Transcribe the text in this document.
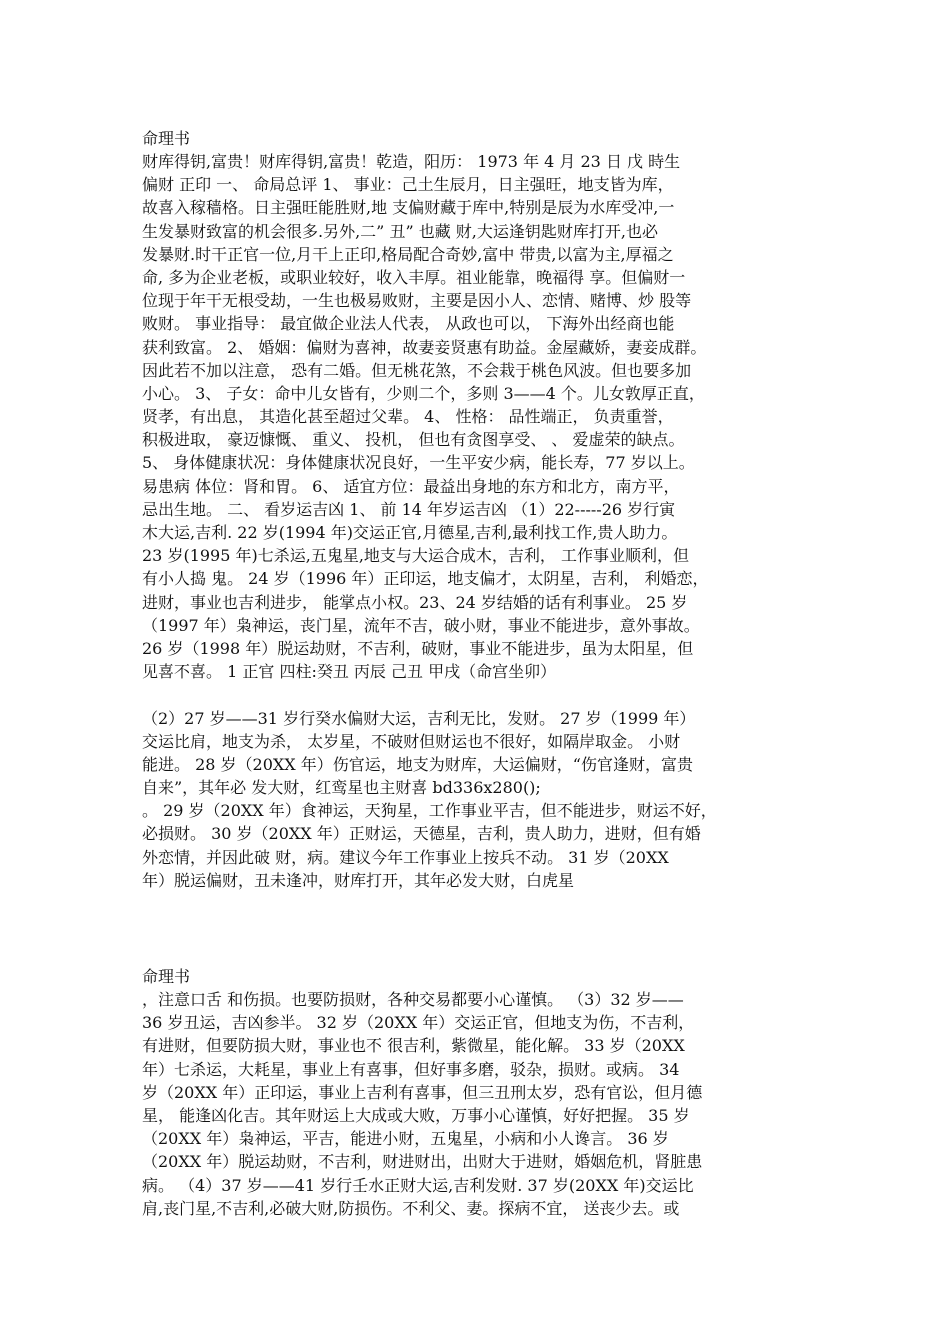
命理书
财库得钥,富贵！财库得钥,富贵！乾造，阳历： 1973 年 4 月 23 日 戊 時生
偏财 正印 一、 命局总评 1、 事业：己土生辰月，日主强旺，地支皆为库，
故喜入稼穑格。日主强旺能胜财,地 支偏财藏于库中,特别是辰为水库受冲,一
生发暴财致富的机会很多.另外,二” 丑” 也藏 财,大运逢钥匙财库打开,也必
发暴财.时干正官一位,月干上正印,格局配合奇妙,富中 带贵,以富为主,厚福之
命, 多为企业老板，或职业较好，收入丰厚。祖业能靠，晚福得 享。但偏财一
位现于年干无根受劫，一生也极易败财，主要是因小人、恋情、赌博、炒 股等
败财。 事业指导： 最宜做企业法人代表， 从政也可以， 下海外出经商也能
获利致富。 2、 婚姻：偏财为喜神，故妻妾贤惠有助益。金屋藏娇，妻妾成群。
因此若不加以注意， 恐有二婚。但无桃花煞，不会栽于桃色风波。但也要多加
小心。 3、 子女：命中儿女皆有，少则二个，多则 3——4 个。儿女敦厚正直，
贤孝，有出息， 其造化甚至超过父辈。 4、 性格： 品性端正， 负责重誉，
积极进取， 豪迈慷慨、 重义、 投机， 但也有贪图享受、 、 爱虚荣的缺点。
5、 身体健康状况：身体健康状况良好，一生平安少病，能长寿，77 岁以上。
易患病 体位：肾和胃。 6、 适宜方位：最益出身地的东方和北方，南方平，
忌出生地。 二、 看岁运吉凶 1、 前 14 年岁运吉凶 （1）22-----26 岁行寅
木大运,吉利. 22 岁(1994 年)交运正官,月德星,吉利,最利找工作,贵人助力。
23 岁(1995 年)七杀运,五鬼星,地支与大运合成木，吉利， 工作事业顺利，但
有小人捣 鬼。 24 岁（1996 年）正印运，地支偏才，太阴星，吉利， 利婚恋，
进财，事业也吉利进步， 能掌点小权。23、24 岁结婚的话有利事业。 25 岁
（1997 年）枭神运，丧门星，流年不吉，破小财，事业不能进步，意外事故。
26 岁（1998 年）脱运劫财，不吉利，破财，事业不能进步，虽为太阳星，但
见喜不喜。 1 正官 四柱:癸丑 丙辰 己丑 甲戌（命宫坐卯）
（2）27 岁——31 岁行癸水偏财大运，吉利无比，发财。 27 岁（1999 年）
交运比肩，地支为杀， 太岁星，不破财但财运也不很好，如隔岸取金。 小财
能进。 28 岁（20XX 年）伤官运，地支为财库，大运偏财，“伤官逢财，富贵
自来”，其年必 发大财，红鸾星也主财喜 bd336x280();
。 29 岁（20XX 年）食神运，天狗星，工作事业平吉，但不能进步，财运不好，
必损财。 30 岁（20XX 年）正财运，天德星，吉利，贵人助力，进财，但有婚
外恋情，并因此破 财，病。建议今年工作事业上按兵不动。 31 岁（20XX
年）脱运偏财，丑未逢冲，财库打开，其年必发大财，白虎星
命理书
，注意口舌 和伤损。也要防损财，各种交易都要小心谨慎。 （3）32 岁——
36 岁丑运，吉凶参半。 32 岁（20XX 年）交运正官，但地支为伤，不吉利，
有进财，但要防损大财，事业也不 很吉利，紫微星，能化解。 33 岁（20XX
年）七杀运，大耗星，事业上有喜事，但好事多磨，驳杂，损财。或病。 34
岁（20XX 年）正印运，事业上吉利有喜事，但三丑刑太岁，恐有官讼，但月德
星， 能逢凶化吉。其年财运上大成或大败，万事小心谨慎，好好把握。 35 岁
（20XX 年）枭神运，平吉，能进小财，五鬼星，小病和小人谗言。 36 岁
（20XX 年）脱运劫财，不吉利，财进财出，出财大于进财，婚姻危机，肾脏患
病。 （4）37 岁——41 岁行壬水正财大运,吉利发财. 37 岁(20XX 年)交运比
肩,丧门星,不吉利,必破大财,防损伤。不利父、妻。探病不宜， 送丧少去。或
